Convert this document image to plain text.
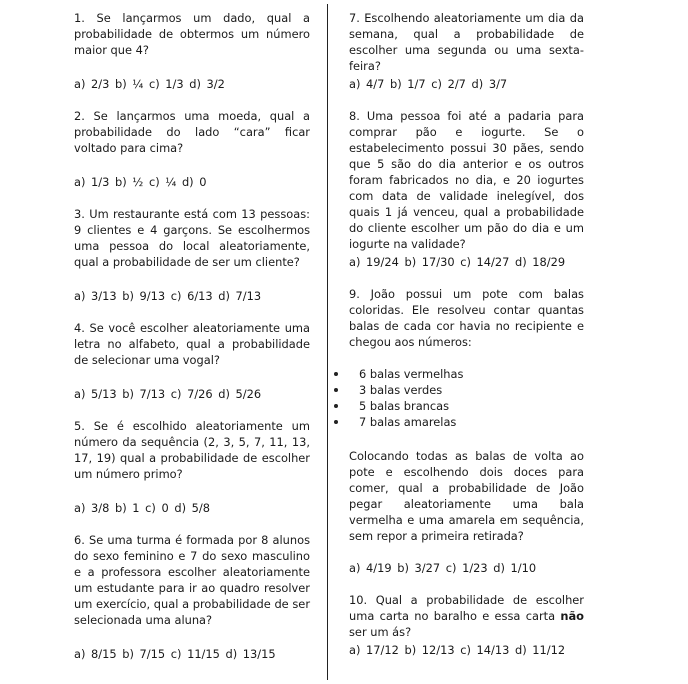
1. Se lançarmos um dado, qual a probabilidade de obtermos um número maior que 4?
a) 2/3 b) ¼ c) 1/3 d) 3/2
2. Se lançarmos uma moeda, qual a probabilidade do lado “cara” ficar voltado para cima?
a) 1/3 b) ½ c) ¼ d) 0
3. Um restaurante está com 13 pessoas: 9 clientes e 4 garçons. Se escolhermos uma pessoa do local aleatoriamente, qual a probabilidade de ser um cliente?
a) 3/13 b) 9/13 c) 6/13 d) 7/13
4. Se você escolher aleatoriamente uma letra no alfabeto, qual a probabilidade de selecionar uma vogal?
a) 5/13 b) 7/13 c) 7/26 d) 5/26
5. Se é escolhido aleatoriamente um número da sequência (2, 3, 5, 7, 11, 13, 17, 19) qual a probabilidade de escolher um número primo?
a) 3/8 b) 1 c) 0 d) 5/8
6. Se uma turma é formada por 8 alunos do sexo feminino e 7 do sexo masculino e a professora escolher aleatoriamente um estudante para ir ao quadro resolver um exercício, qual a probabilidade de ser selecionada uma aluna?
a) 8/15 b) 7/15 c) 11/15 d) 13/15
7. Escolhendo aleatoriamente um dia da semana, qual a probabilidade de escolher uma segunda ou uma sexta-feira?
a) 4/7 b) 1/7 c) 2/7 d) 3/7
8. Uma pessoa foi até a padaria para comprar pão e iogurte. Se o estabelecimento possui 30 pães, sendo que 5 são do dia anterior e os outros foram fabricados no dia, e 20 iogurtes com data de validade inelegível, dos quais 1 já venceu, qual a probabilidade do cliente escolher um pão do dia e um iogurte na validade?
a) 19/24 b) 17/30 c) 14/27 d) 18/29
9. João possui um pote com balas coloridas. Ele resolveu contar quantas balas de cada cor havia no recipiente e chegou aos números:
6 balas vermelhas
3 balas verdes
5 balas brancas
7 balas amarelas
Colocando todas as balas de volta ao pote e escolhendo dois doces para comer, qual a probabilidade de João pegar aleatoriamente uma bala vermelha e uma amarela em sequência, sem repor a primeira retirada?
a) 4/19 b) 3/27 c) 1/23 d) 1/10
10. Qual a probabilidade de escolher uma carta no baralho e essa carta não ser um ás?
a) 17/12 b) 12/13 c) 14/13 d) 11/12
